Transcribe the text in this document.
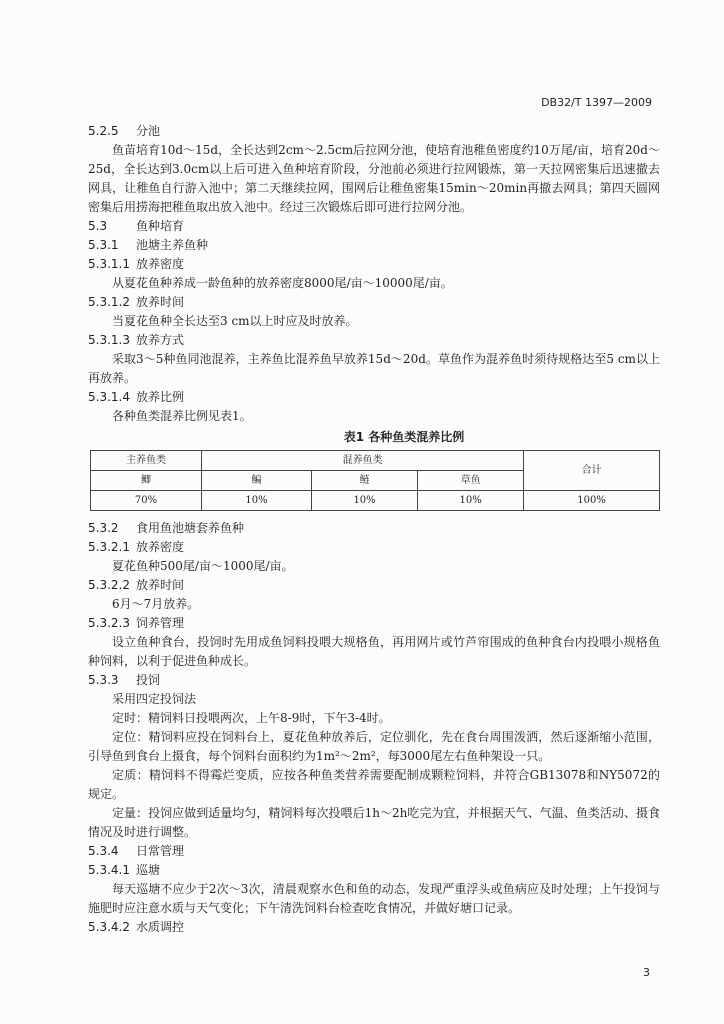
DB32/T 1397—2009

5.2.5 分池

鱼苗培育10d～15d，全长达到2cm～2.5cm后拉网分池，使培育池稚鱼密度约10万尾/亩，培育20d～25d，全长达到3.0cm以上后可进入鱼种培育阶段，分池前必须进行拉网锻炼，第一天拉网密集后迅速撤去网具，让稚鱼自行游入池中；第二天继续拉网，围网后让稚鱼密集15min～20min再撤去网具；第四天圆网密集后用捞海把稚鱼取出放入池中。经过三次锻炼后即可进行拉网分池。

5.3 鱼种培育

5.3.1 池塘主养鱼种

5.3.1.1 放养密度

从夏花鱼种养成一龄鱼种的放养密度8000尾/亩～10000尾/亩。

5.3.1.2 放养时间

当夏花鱼种全长达至3 cm以上时应及时放养。

5.3.1.3 放养方式

采取3～5种鱼同池混养，主养鱼比混养鱼早放养15d～20d。草鱼作为混养鱼时须待规格达至5 cm以上再放养。

5.3.1.4 放养比例

各种鱼类混养比例见表1。

表1 各种鱼类混养比例

主养鱼类	混养鱼类			合计
鲫	鳊	鲢	草鱼	
70%	10%	10%	10%	100%

5.3.2 食用鱼池塘套养鱼种

5.3.2.1 放养密度

夏花鱼种500尾/亩～1000尾/亩。

5.3.2.2 放养时间

6月～7月放养。

5.3.2.3 饲养管理

设立鱼种食台，投饲时先用成鱼饲料投喂大规格鱼，再用网片或竹芦帘围成的鱼种食台内投喂小规格鱼种饲料，以利于促进鱼种成长。

5.3.3 投饲

采用四定投饲法

定时：精饲料日投喂两次，上午8-9时，下午3-4时。

定位：精饲料应投在饲料台上，夏花鱼种放养后，定位驯化，先在食台周围泼洒，然后逐渐缩小范围，引导鱼到食台上摄食，每个饲料台面积约为1m²～2m²，每3000尾左右鱼种架设一只。

定质：精饲料不得霉烂变质，应按各种鱼类营养需要配制成颗粒饲料，并符合GB13078和NY5072的规定。

定量：投饲应做到适量均匀，精饲料每次投喂后1h～2h吃完为宜，并根据天气、气温、鱼类活动、摄食情况及时进行调整。

5.3.4 日常管理

5.3.4.1 巡塘

每天巡塘不应少于2次～3次，清晨观察水色和鱼的动态，发现严重浮头或鱼病应及时处理；上午投饲与施肥时应注意水质与天气变化；下午清洗饲料台检查吃食情况，并做好塘口记录。

5.3.4.2 水质调控

3
